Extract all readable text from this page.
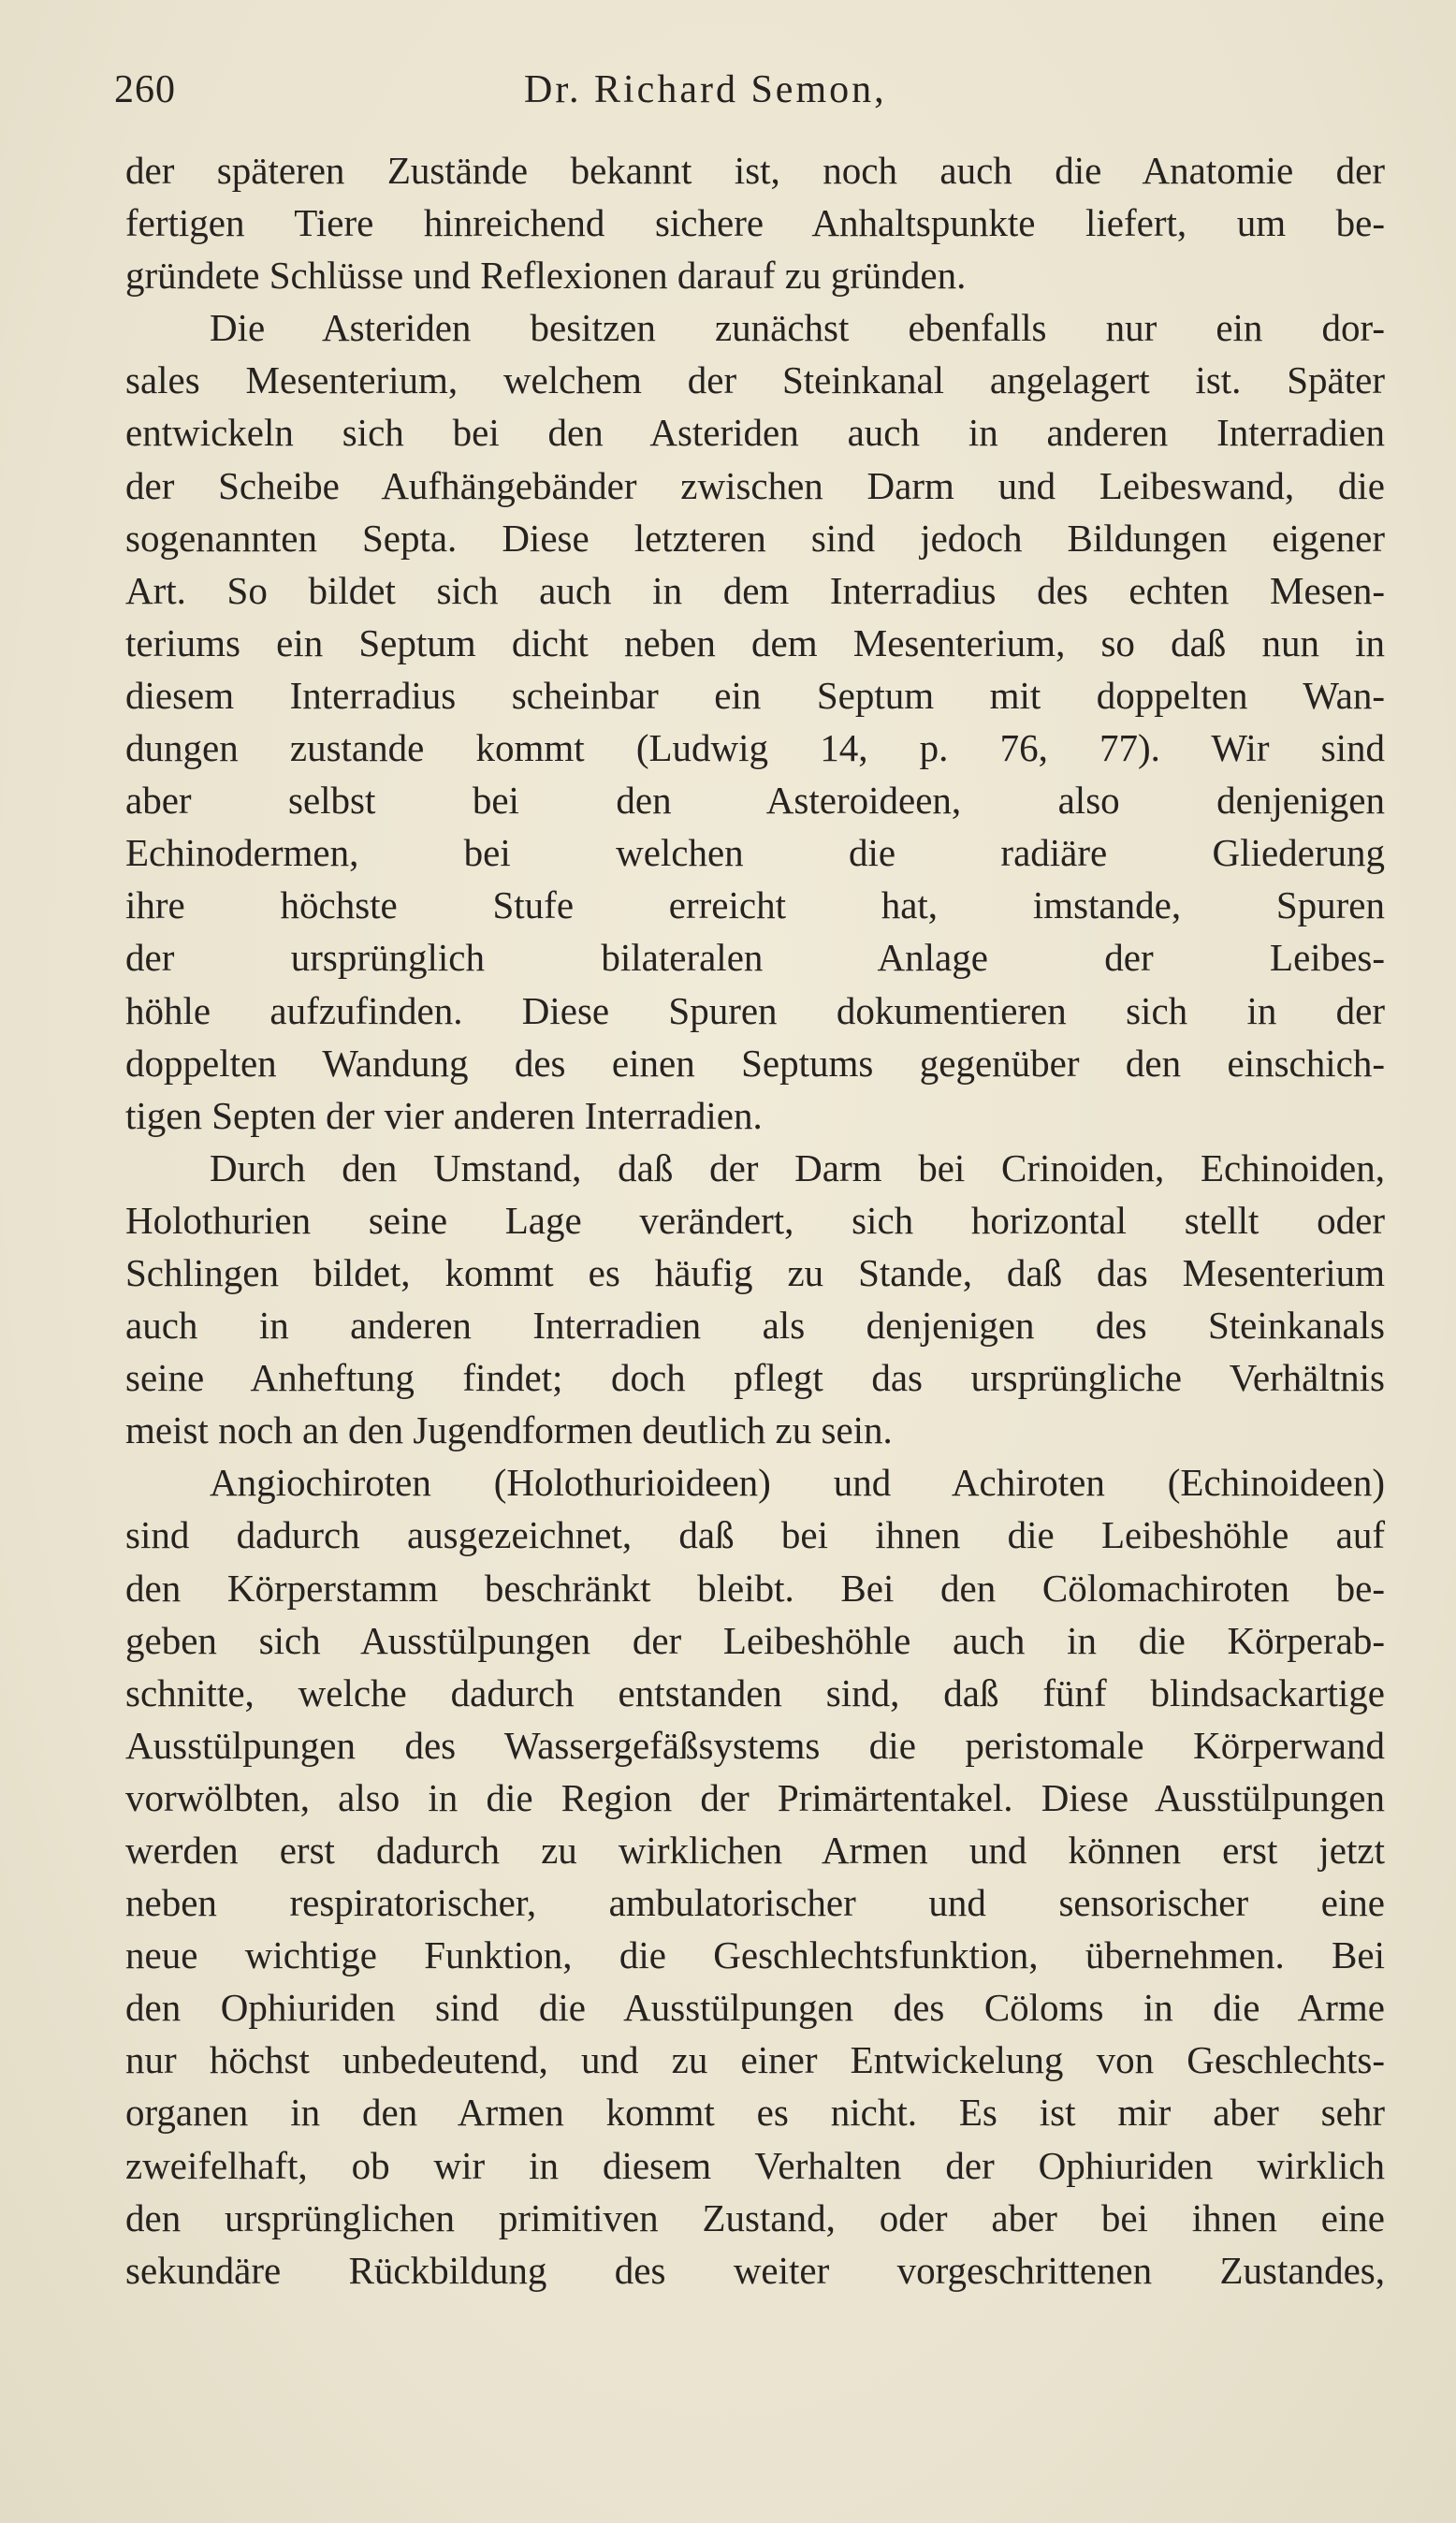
260	Dr. Richard Semon,
der späteren Zustände bekannt ist, noch auch die Anatomie der
fertigen Tiere hinreichend sichere Anhaltspunkte liefert, um be-
gründete Schlüsse und Reflexionen darauf zu gründen.
Die Asteriden besitzen zunächst ebenfalls nur ein dor-
sales Mesenterium, welchem der Steinkanal angelagert ist. Später
entwickeln sich bei den Asteriden auch in anderen Interradien
der Scheibe Aufhängebänder zwischen Darm und Leibeswand, die
sogenannten Septa. Diese letzteren sind jedoch Bildungen eigener
Art. So bildet sich auch in dem Interradius des echten Mesen-
teriums ein Septum dicht neben dem Mesenterium, so daß nun in
diesem Interradius scheinbar ein Septum mit doppelten Wan-
dungen zustande kommt (Ludwig 14, p. 76, 77). Wir sind
aber selbst bei den Asteroideen, also denjenigen
Echinodermen, bei welchen die radiäre Gliederung
ihre höchste Stufe erreicht hat, imstande, Spuren
der ursprünglich bilateralen Anlage der Leibes-
höhle aufzufinden. Diese Spuren dokumentieren sich in der
doppelten Wandung des einen Septums gegenüber den einschich-
tigen Septen der vier anderen Interradien.
Durch den Umstand, daß der Darm bei Crinoiden, Echinoiden,
Holothurien seine Lage verändert, sich horizontal stellt oder
Schlingen bildet, kommt es häufig zu Stande, daß das Mesenterium
auch in anderen Interradien als denjenigen des Steinkanals
seine Anheftung findet; doch pflegt das ursprüngliche Verhältnis
meist noch an den Jugendformen deutlich zu sein.
Angiochiroten (Holothurioideen) und Achiroten (Echinoideen)
sind dadurch ausgezeichnet, daß bei ihnen die Leibeshöhle auf
den Körperstamm beschränkt bleibt. Bei den Cölomachiroten be-
geben sich Ausstülpungen der Leibeshöhle auch in die Körperab-
schnitte, welche dadurch entstanden sind, daß fünf blindsackartige
Ausstülpungen des Wassergefäßsystems die peristomale Körperwand
vorwölbten, also in die Region der Primärtentakel. Diese Ausstülpungen
werden erst dadurch zu wirklichen Armen und können erst jetzt
neben respiratorischer, ambulatorischer und sensorischer eine
neue wichtige Funktion, die Geschlechtsfunktion, übernehmen. Bei
den Ophiuriden sind die Ausstülpungen des Cöloms in die Arme
nur höchst unbedeutend, und zu einer Entwickelung von Geschlechts-
organen in den Armen kommt es nicht. Es ist mir aber sehr
zweifelhaft, ob wir in diesem Verhalten der Ophiuriden wirklich
den ursprünglichen primitiven Zustand, oder aber bei ihnen eine
sekundäre Rückbildung des weiter vorgeschrittenen Zustandes,
